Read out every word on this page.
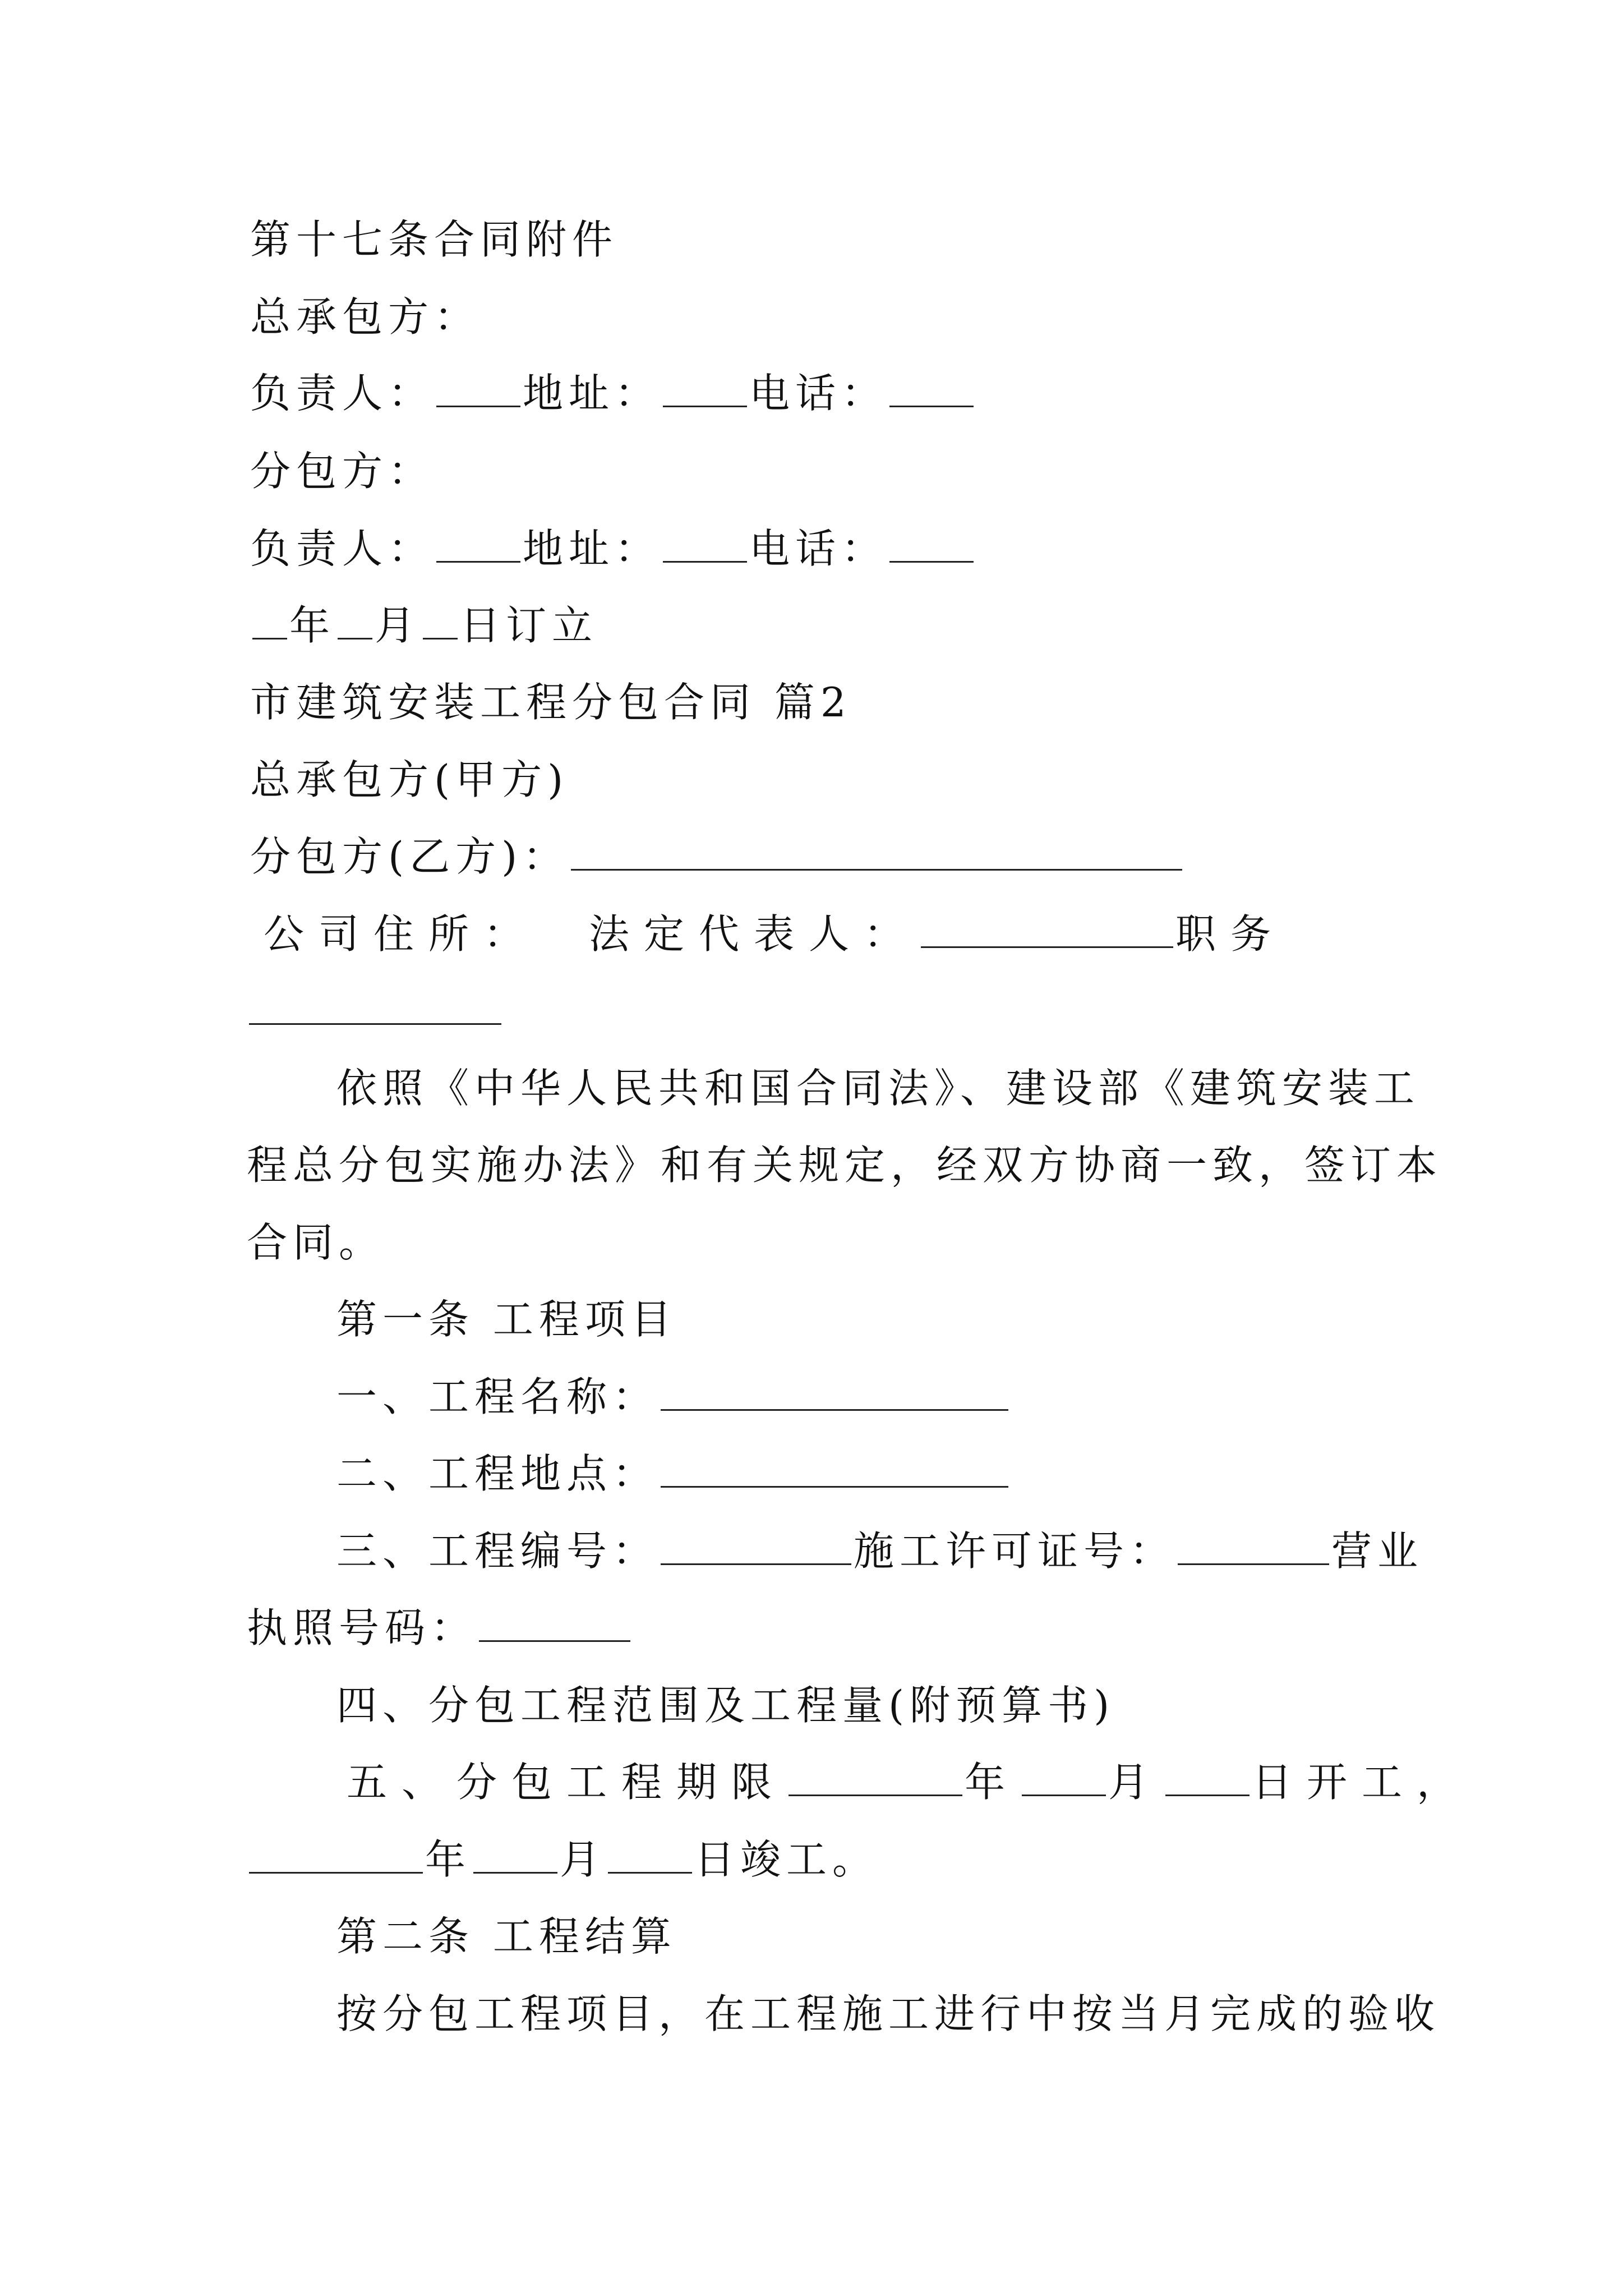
第十七条合同附件
总承包方：
负责人： 地址： 电话：
分包方：
负责人： 地址： 电话：
年 月 日订立
市建筑安装工程分包合同 篇2
总承包方(甲方)
分包方(乙方)：
公司住所： 法定代表人：	职务
依照《中华人民共和国合同法》、建设部《建筑安装工
程总分包实施办法》和有关规定，经双方协商一致，签订本
合同。
第一条 工程项目
一、工程名称：
二、工程地点：
三、工程编号：	施工许可证号：	营业
执照号码：
四、分包工程范围及工程量(附预算书)
五、分包工程期限	年 月 日开工，
年 月 日竣工。
第二条 工程结算
按分包工程项目，在工程施工进行中按当月完成的验收
